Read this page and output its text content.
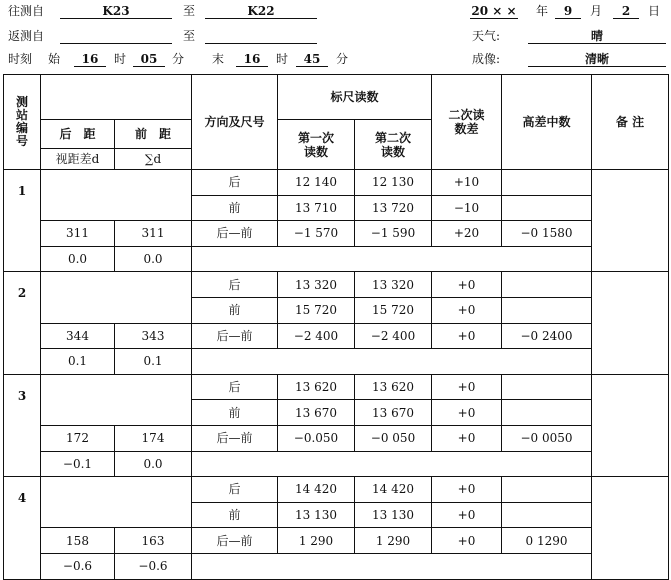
往测自	K23	至	K22	20 × × 年	9	月	2	日
返测自	至	天气:	晴
时刻 始	16	时	05	分 末	16	时	45	分	成像:	清晰
测站编号			方向及尺号	标尺读数		二次读数差	高差中数	备 注
	后　距	前　距		第一次读数	第二次读数			
	视距差d	∑d						
1			后	12 140	12 130	+10		
			前	13 710	13 720	−10		
	311	311	后—前	−1 570	−1 590	+20	−0 1580	
	0.0	0.0						
2			后	13 320	13 320	+0		
			前	15 720	15 720	+0		
	344	343	后—前	−2 400	−2 400	+0	−0 2400	
	0.1	0.1						
3			后	13 620	13 620	+0		
			前	13 670	13 670	+0		
	172	174	后—前	−0.050	−0 050	+0	−0 0050	
	−0.1	0.0						
4			后	14 420	14 420	+0		
			前	13 130	13 130	+0		
	158	163	后—前	1 290	1 290	+0	0 1290	
	−0.6	−0.6						
